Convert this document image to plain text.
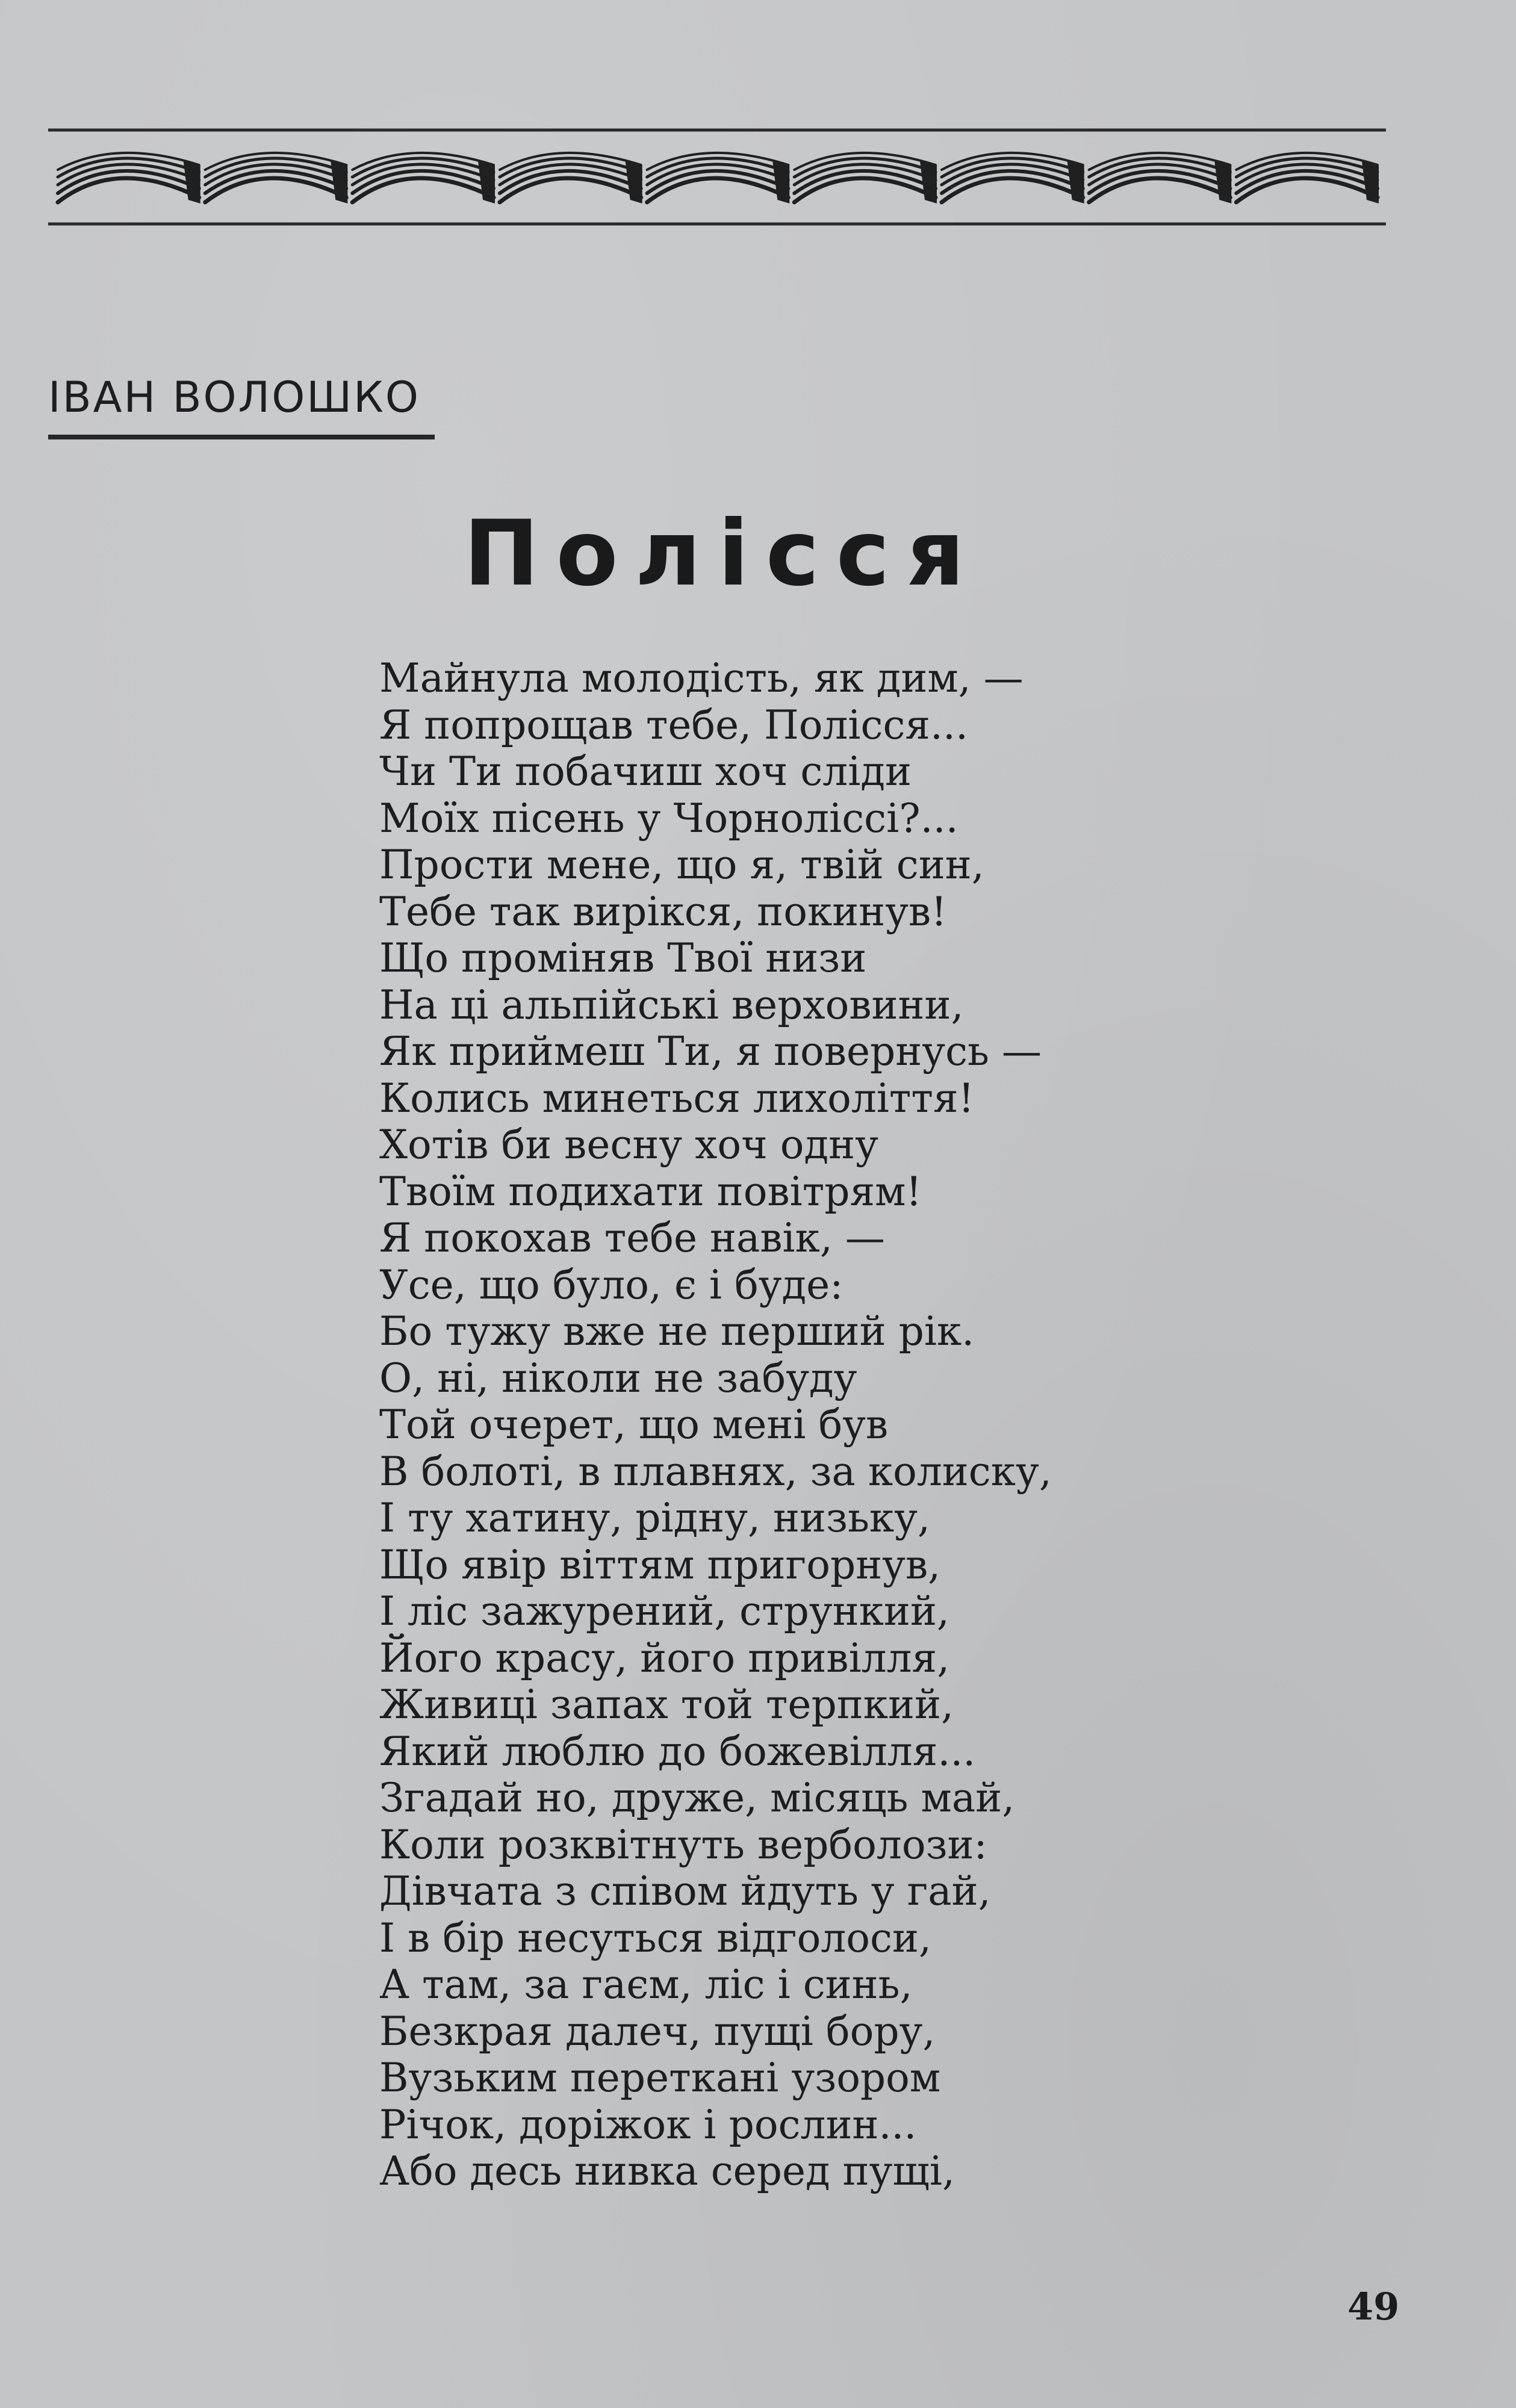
ІВАН ВОЛОШКО
Полісся
Майнула молодість, як дим, —
Я попрощав тебе, Полісся...
Чи Ти побачиш хоч сліди
Моїх пісень у Чорноліссі?...
Прости мене, що я, твій син,
Тебе так вирікся, покинув!
Що проміняв Твої низи
На ці альпійські верховини,
Як приймеш Ти, я повернусь —
Колись минеться лихоліття!
Хотів би весну хоч одну
Твоїм подихати повітрям!
Я покохав тебе навік, —
Усе, що було, є і буде:
Бо тужу вже не перший рік.
О, ні, ніколи не забуду
Той очерет, що мені був
В болоті, в плавнях, за колиску,
І ту хатину, рідну, низьку,
Що явір віттям пригорнув,
І ліс зажурений, стрункий,
Його красу, його привілля,
Живиці запах той терпкий,
Який люблю до божевілля...
Згадай но, друже, місяць май,
Коли розквітнуть верболози:
Дівчата з співом йдуть у гай,
І в бір несуться відголоси,
А там, за гаєм, ліс і синь,
Безкрая далеч, пущі бору,
Вузьким переткані узором
Річок, доріжок і рослин...
Або десь нивка серед пущі,
49
